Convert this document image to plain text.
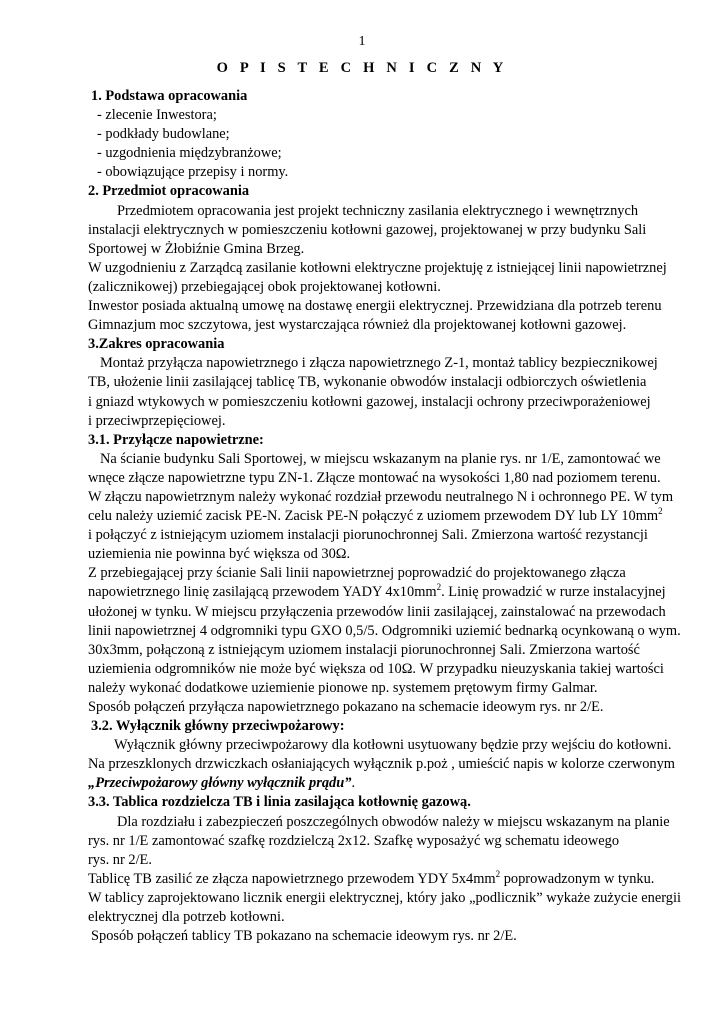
1
O P I S T E C H N I C Z N Y
1. Podstawa opracowania
- zlecenie Inwestora;
- podkłady budowlane;
- uzgodnienia międzybranżowe;
- obowiązujące przepisy i normy.
2. Przedmiot opracowania
Przedmiotem opracowania jest projekt techniczny zasilania elektrycznego i wewnętrznych
instalacji elektrycznych w pomieszczeniu kotłowni gazowej, projektowanej w przy budynku Sali
Sportowej w Żłobiźnie Gmina Brzeg.
W uzgodnieniu z Zarządcą zasilanie kotłowni elektryczne projektuję z istniejącej linii napowietrznej
(zalicznikowej) przebiegającej obok projektowanej kotłowni.
Inwestor posiada aktualną umowę na dostawę energii elektrycznej. Przewidziana dla potrzeb terenu
Gimnazjum moc szczytowa, jest wystarczająca również dla projektowanej kotłowni gazowej.
3.Zakres opracowania
Montaż przyłącza napowietrznego i złącza napowietrznego Z-1, montaż tablicy bezpiecznikowej
TB, ułożenie linii zasilającej tablicę TB, wykonanie obwodów instalacji odbiorczych oświetlenia
i gniazd wtykowych w pomieszczeniu kotłowni gazowej, instalacji ochrony przeciwporażeniowej
i przeciwprzepięciowej.
3.1. Przyłącze napowietrzne:
Na ścianie budynku Sali Sportowej, w miejscu wskazanym na planie rys. nr 1/E, zamontować we
wnęce złącze napowietrzne typu ZN-1. Złącze montować na wysokości 1,80 nad poziomem terenu.
W złączu napowietrznym należy wykonać rozdział przewodu neutralnego N i ochronnego PE. W tym
celu należy uziemić zacisk PE-N. Zacisk PE-N połączyć z uziomem przewodem DY lub LY $10mm^2$
i połączyć z istniejącym uziomem instalacji piorunochronnej Sali. Zmierzona wartość rezystancji
uziemienia nie powinna być większa od 30Ω.
Z przebiegającej przy ścianie Sali linii napowietrznej poprowadzić do projektowanego złącza
napowietrznego linię zasilającą przewodem YADY $4x10mm^2$. Linię prowadzić w rurze instalacyjnej
ułożonej w tynku. W miejscu przyłączenia przewodów linii zasilającej, zainstalować na przewodach
linii napowietrznej 4 odgromniki typu GXO 0,5/5. Odgromniki uziemić bednarką ocynkowaną o wym.
30x3mm, połączoną z istniejącym uziomem instalacji piorunochronnej Sali. Zmierzona wartość
uziemienia odgromników nie może być większa od 10Ω. W przypadku nieuzyskania takiej wartości
należy wykonać dodatkowe uziemienie pionowe np. systemem prętowym firmy Galmar.
Sposób połączeń przyłącza napowietrznego pokazano na schemacie ideowym rys. nr 2/E.
3.2. Wyłącznik główny przeciwpożarowy:
Wyłącznik główny przeciwpożarowy dla kotłowni usytuowany będzie przy wejściu do kotłowni.
Na przeszklonych drzwiczkach osłaniających wyłącznik p.poż , umieścić napis w kolorze czerwonym
„Przeciwpożarowy główny wyłącznik prądu”.
3.3. Tablica rozdzielcza TB i linia zasilająca kotłownię gazową.
Dla rozdziału i zabezpieczeń poszczególnych obwodów należy w miejscu wskazanym na planie
rys. nr 1/E zamontować szafkę rozdzielczą 2x12. Szafkę wyposażyć wg schematu ideowego
rys. nr 2/E.
Tablicę TB zasilić ze złącza napowietrznego przewodem YDY $5x4mm^2$ poprowadzonym w tynku.
W tablicy zaprojektowano licznik energii elektrycznej, który jako „podlicznik” wykaże zużycie energii
elektrycznej dla potrzeb kotłowni.
Sposób połączeń tablicy TB pokazano na schemacie ideowym rys. nr 2/E.
